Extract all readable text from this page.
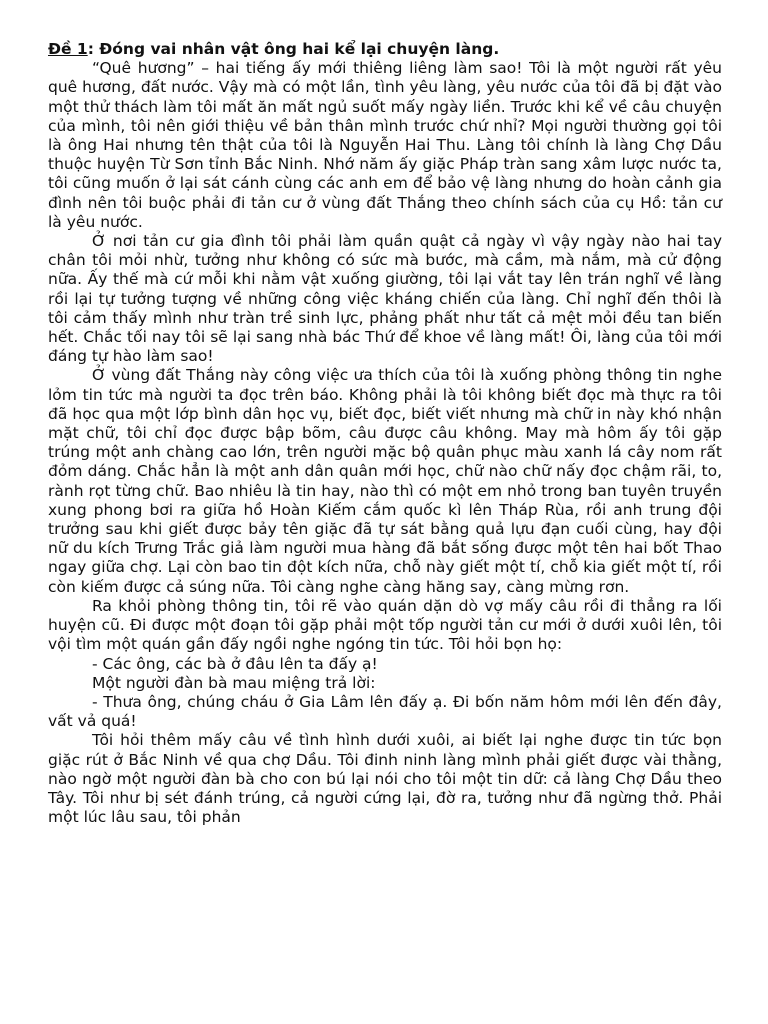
Đề 1: Đóng vai nhân vật ông hai kể lại chuyện làng.

“Quê hương” – hai tiếng ấy mới thiêng liêng làm sao! Tôi là một người rất yêu quê hương, đất nước. Vậy mà có một lần, tình yêu làng, yêu nước của tôi đã bị đặt vào một thử thách làm tôi mất ăn mất ngủ suốt mấy ngày liền. Trước khi kể về câu chuyện của mình, tôi nên giới thiệu về bản thân mình trước chứ nhỉ? Mọi người thường gọi tôi là ông Hai nhưng tên thật của tôi là Nguyễn Hai Thu. Làng tôi chính là làng Chợ Dầu thuộc huyện Từ Sơn tỉnh Bắc Ninh. Nhớ năm ấy giặc Pháp tràn sang xâm lược nước ta, tôi cũng muốn ở lại sát cánh cùng các anh em để bảo vệ làng nhưng do hoàn cảnh gia đình nên tôi buộc phải đi tản cư ở vùng đất Thắng theo chính sách của cụ Hồ: tản cư là yêu nước.

Ở nơi tản cư gia đình tôi phải làm quần quật cả ngày vì vậy ngày nào hai tay chân tôi mỏi nhừ, tưởng như không có sức mà bước, mà cầm, mà nắm, mà cử động nữa. Ấy thế mà cứ mỗi khi nằm vật xuống giường, tôi lại vắt tay lên trán nghĩ về làng rồi lại tự tưởng tượng về những công việc kháng chiến của làng. Chỉ nghĩ đến thôi là tôi cảm thấy mình như tràn trề sinh lực, phảng phất như tất cả mệt mỏi đều tan biến hết. Chắc tối nay tôi sẽ lại sang nhà bác Thứ để khoe về làng mất! Ôi, làng của tôi mới đáng tự hào làm sao!

Ở vùng đất Thắng này công việc ưa thích của tôi là xuống phòng thông tin nghe lỏm tin tức mà người ta đọc trên báo. Không phải là tôi không biết đọc mà thực ra tôi đã học qua một lớp bình dân học vụ, biết đọc, biết viết nhưng mà chữ in này khó nhận mặt chữ, tôi chỉ đọc được bập bõm, câu được câu không. May mà hôm ấy tôi gặp trúng một anh chàng cao lớn, trên người mặc bộ quân phục màu xanh lá cây nom rất đỏm dáng. Chắc hẳn là một anh dân quân mới học, chữ nào chữ nấy đọc chậm rãi, to, rành rọt từng chữ. Bao nhiêu là tin hay, nào thì có một em nhỏ trong ban tuyên truyền xung phong bơi ra giữa hồ Hoàn Kiếm cắm quốc kì lên Tháp Rùa, rồi anh trung đội trưởng sau khi giết được bảy tên giặc đã tự sát bằng quả lựu đạn cuối cùng, hay đội nữ du kích Trưng Trắc giả làm người mua hàng đã bắt sống được một tên hai bốt Thao ngay giữa chợ. Lại còn bao tin đột kích nữa, chỗ này giết một tí, chỗ kia giết một tí, rồi còn kiếm được cả súng nữa. Tôi càng nghe càng hăng say, càng mừng rơn.

Ra khỏi phòng thông tin, tôi rẽ vào quán dặn dò vợ mấy câu rồi đi thẳng ra lối huyện cũ. Đi được một đoạn tôi gặp phải một tốp người tản cư mới ở dưới xuôi lên, tôi vội tìm một quán gần đấy ngồi nghe ngóng tin tức. Tôi hỏi bọn họ:

- Các ông, các bà ở đâu lên ta đấy ạ!

Một người đàn bà mau miệng trả lời:

- Thưa ông, chúng cháu ở Gia Lâm lên đấy ạ. Đi bốn năm hôm mới lên đến đây, vất vả quá!

Tôi hỏi thêm mấy câu về tình hình dưới xuôi, ai biết lại nghe được tin tức bọn giặc rút ở Bắc Ninh về qua chợ Dầu. Tôi đinh ninh làng mình phải giết được vài thằng, nào ngờ một người đàn bà cho con bú lại nói cho tôi một tin dữ: cả làng Chợ Dầu theo Tây. Tôi như bị sét đánh trúng, cả người cứng lại, đờ ra, tưởng như đã ngừng thở. Phải một lúc lâu sau, tôi phản
